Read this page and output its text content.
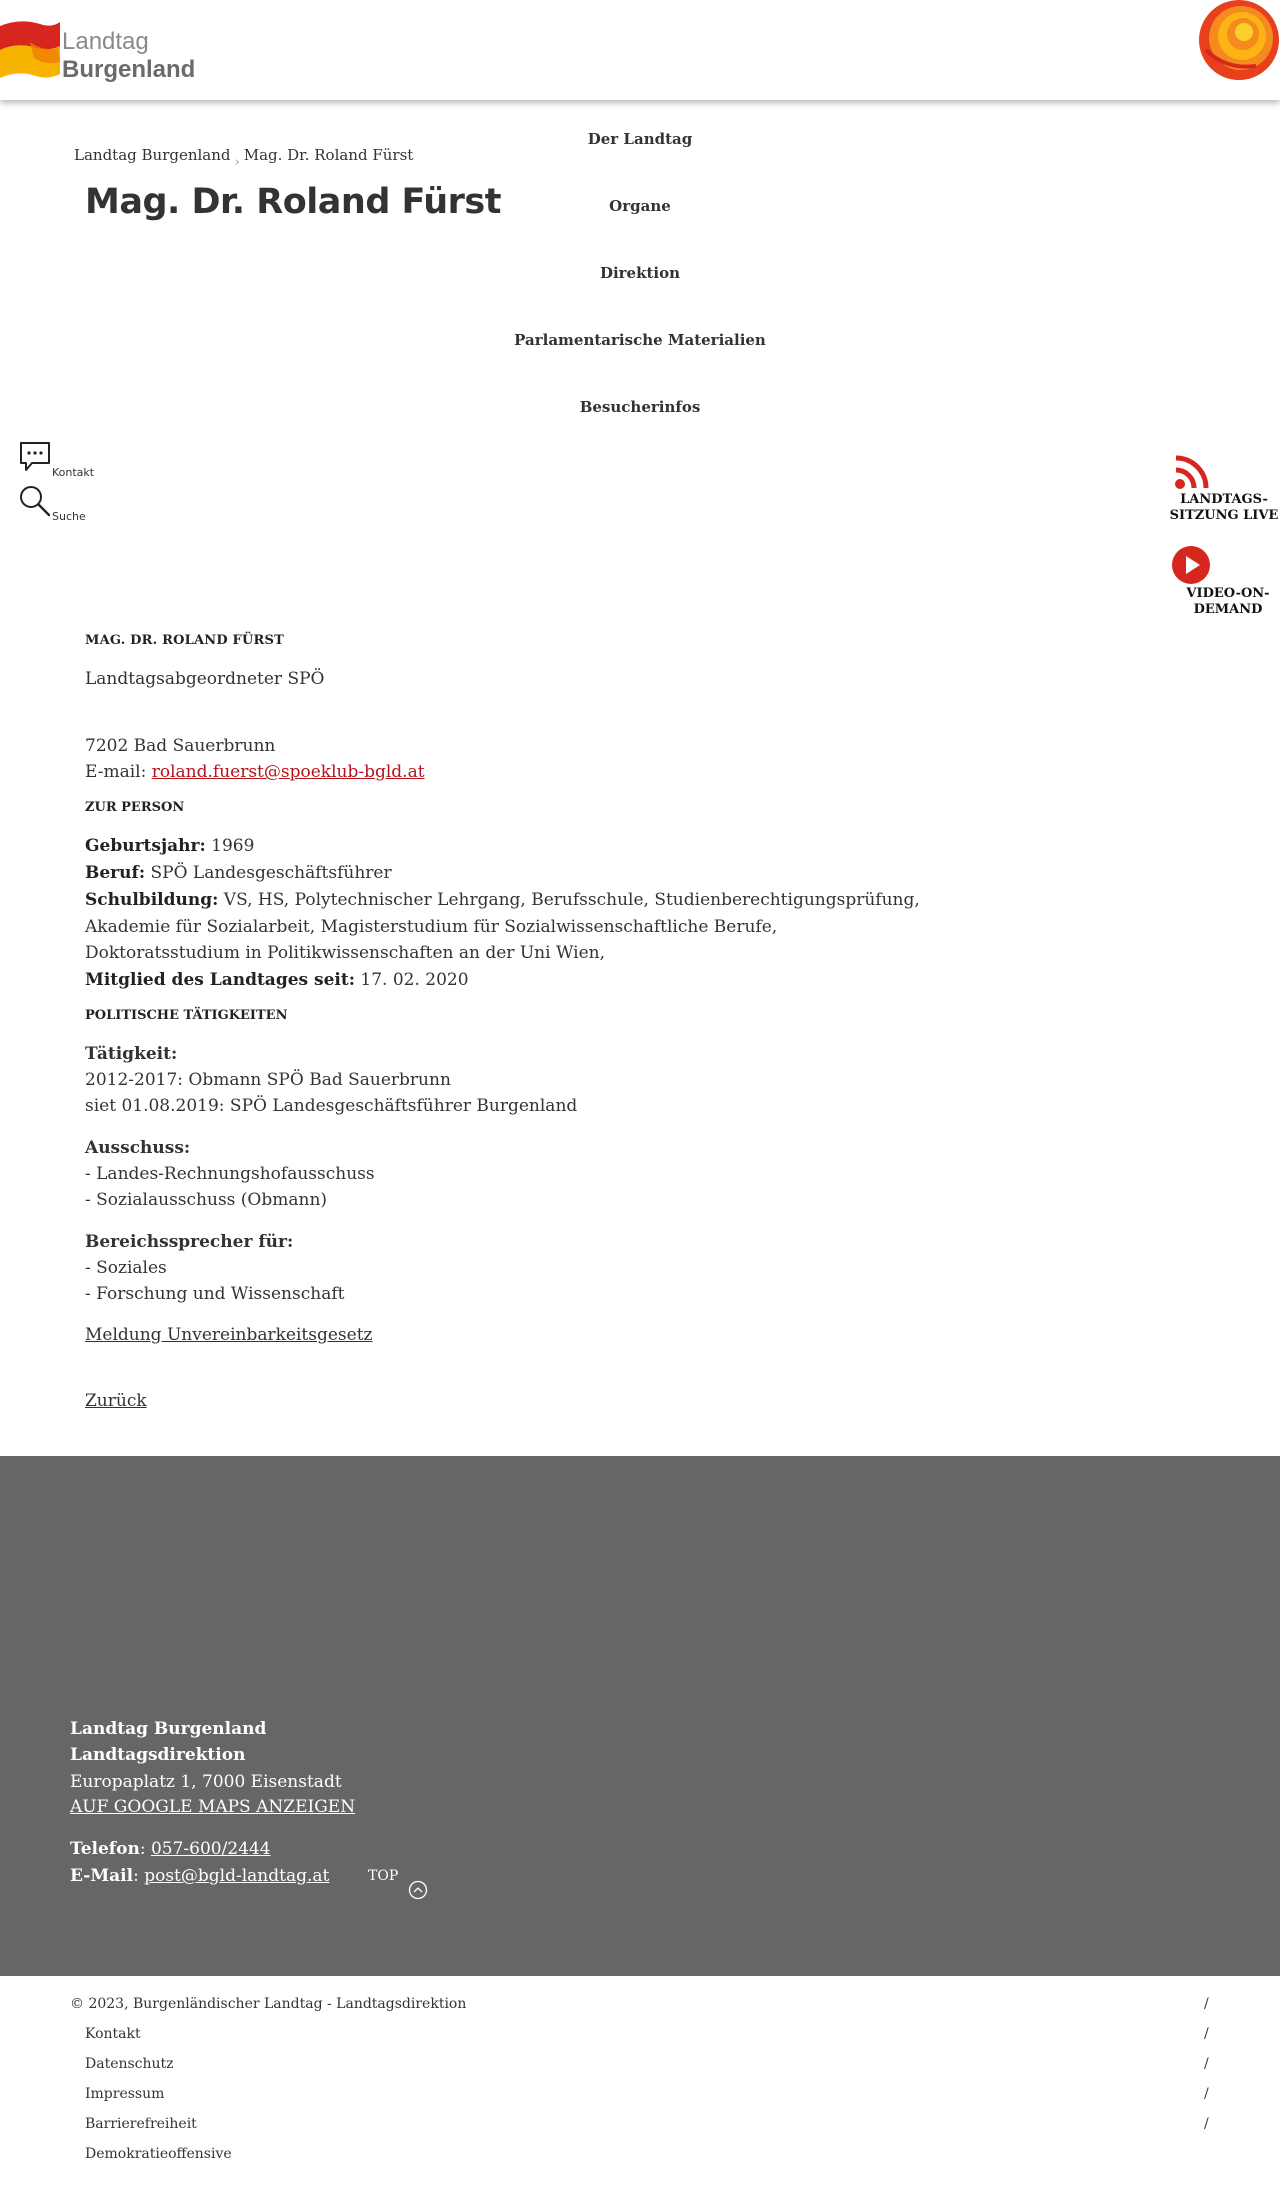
Landtag
Burgenland
Landtag Burgenland › Mag. Dr. Roland Fürst
Mag. Dr. Roland Fürst
Der Landtag
Organe
Direktion
Parlamentarische Materialien
Besucherinfos
Kontakt
Suche
LANDTAGS-
SITZUNG LIVE
VIDEO-ON-
DEMAND
MAG. DR. ROLAND FÜRST
Landtagsabgeordneter SPÖ
7202 Bad Sauerbrunn
E-mail: roland.fuerst@spoeklub-bgld.at
ZUR PERSON
Geburtsjahr: 1969
Beruf: SPÖ Landesgeschäftsführer
Schulbildung: VS, HS, Polytechnischer Lehrgang, Berufsschule, Studienberechtigungsprüfung,
Akademie für Sozialarbeit, Magisterstudium für Sozialwissenschaftliche Berufe,
Doktoratsstudium in Politikwissenschaften an der Uni Wien,
Mitglied des Landtages seit: 17. 02. 2020
POLITISCHE TÄTIGKEITEN
Tätigkeit:
2012-2017: Obmann SPÖ Bad Sauerbrunn
siet 01.08.2019: SPÖ Landesgeschäftsführer Burgenland
Ausschuss:
- Landes-Rechnungshofausschuss
- Sozialausschuss (Obmann)
Bereichssprecher für:
- Soziales
- Forschung und Wissenschaft
Meldung Unvereinbarkeitsgesetz
Zurück
Landtag Burgenland
Landtagsdirektion
Europaplatz 1, 7000 Eisenstadt
AUF GOOGLE MAPS ANZEIGEN
Telefon: 057-600/2444
E-Mail: post@bgld-landtag.at	TOP
© 2023, Burgenländischer Landtag - Landtagsdirektion	/
Kontakt	/
Datenschutz	/
Impressum	/
Barrierefreiheit	/
Demokratieoffensive
